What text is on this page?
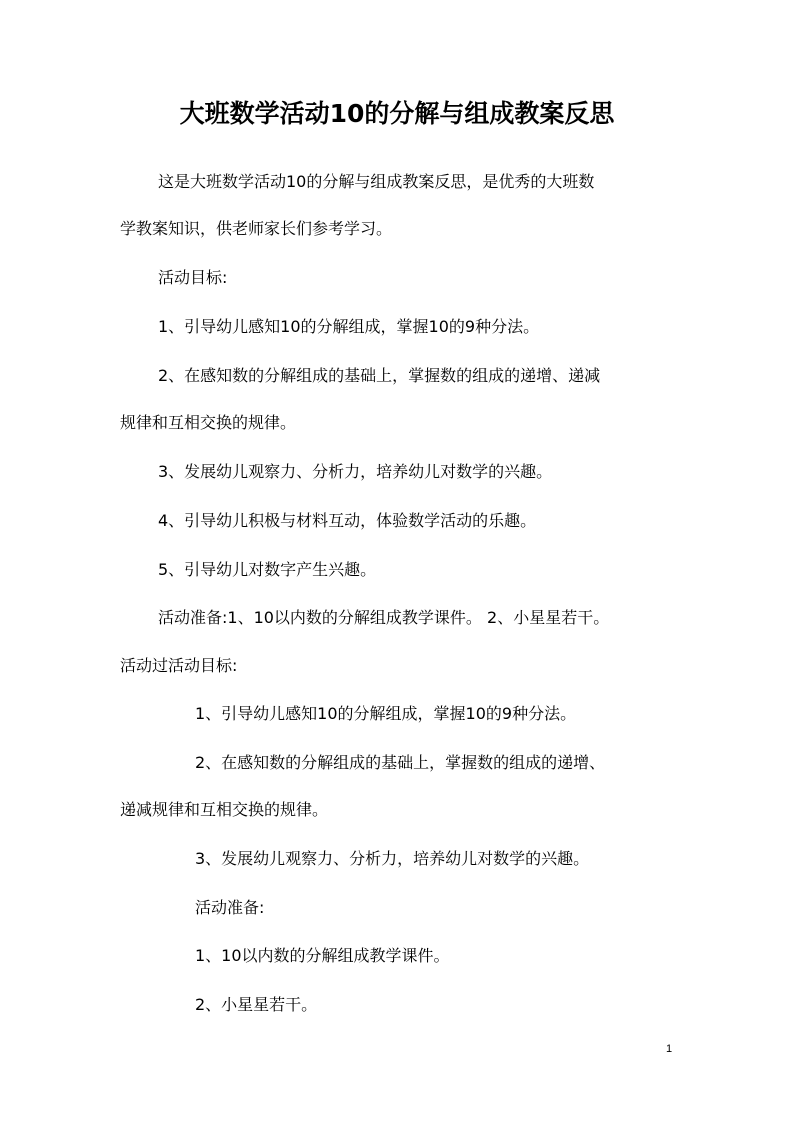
大班数学活动10的分解与组成教案反思
这是大班数学活动10的分解与组成教案反思，是优秀的大班数
学教案知识，供老师家长们参考学习。
活动目标:
1、引导幼儿感知10的分解组成，掌握10的9种分法。
2、在感知数的分解组成的基础上，掌握数的组成的递增、递减
规律和互相交换的规律。
3、发展幼儿观察力、分析力，培养幼儿对数学的兴趣。
4、引导幼儿积极与材料互动，体验数学活动的乐趣。
5、引导幼儿对数字产生兴趣。
活动准备:1、10以内数的分解组成教学课件。 2、小星星若干。
活动过活动目标:
1、引导幼儿感知10的分解组成，掌握10的9种分法。
2、在感知数的分解组成的基础上，掌握数的组成的递增、
递减规律和互相交换的规律。
3、发展幼儿观察力、分析力，培养幼儿对数学的兴趣。
活动准备:
1、10以内数的分解组成教学课件。
2、小星星若干。
1
